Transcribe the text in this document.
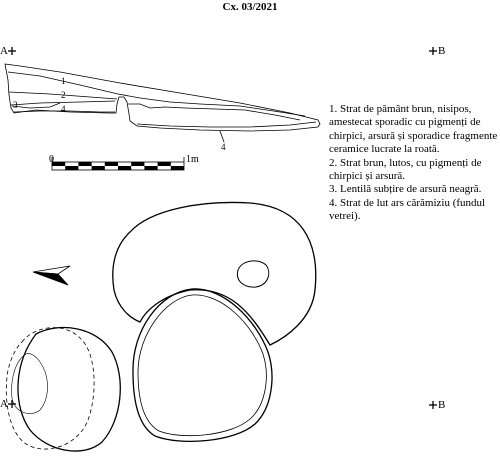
Cx. 03/2021
A	B
A	B
1
2
3	4
4
0	1m

1. Strat de pământ brun, nisipos, amestecat sporadic cu pigmenți de chirpici, arsură și sporadice fragmente ceramice lucrate la roată.

2. Strat brun, lutos, cu pigmenți de chirpici și arsură.

3. Lentilă subțire de arsură neagră.

4. Strat de lut ars cărămiziu (fundul vetrei).
